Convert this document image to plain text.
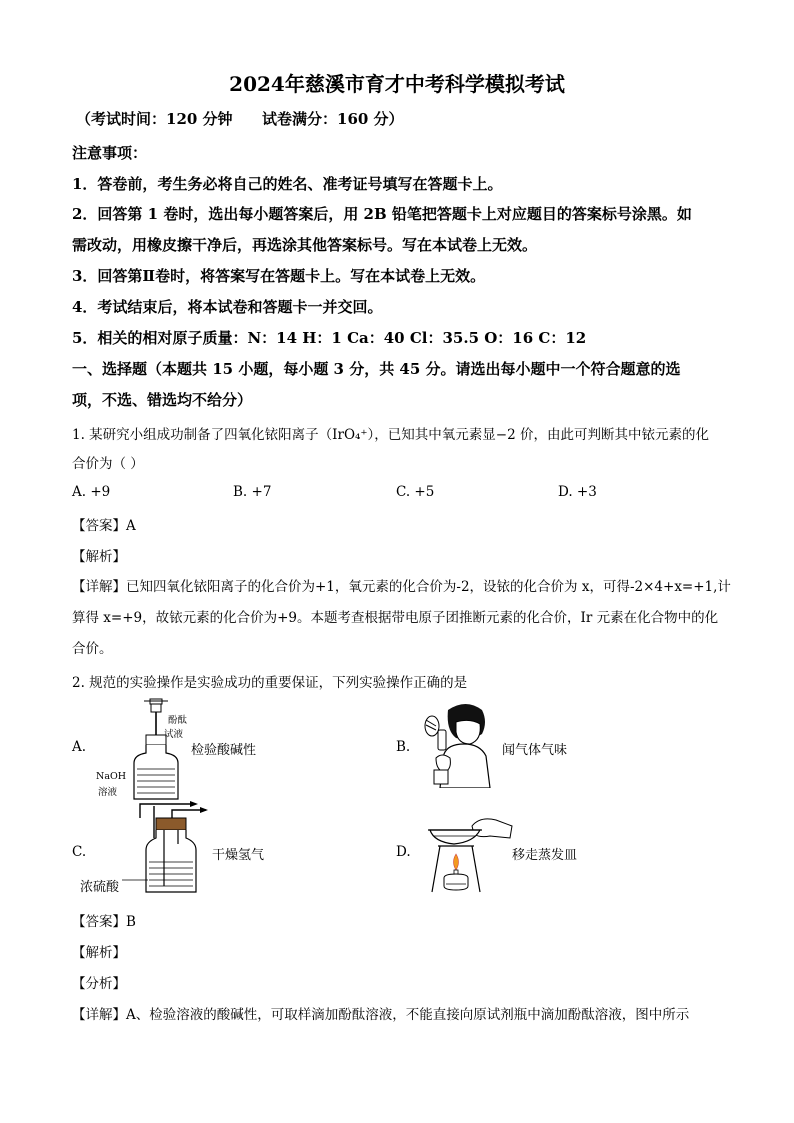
2024年慈溪市育才中考科学模拟考试
（考试时间：120 分钟 试卷满分：160 分）
注意事项：
1．答卷前，考生务必将自己的姓名、准考证号填写在答题卡上。
2．回答第 1 卷时，选出每小题答案后，用 2B 铅笔把答题卡上对应题目的答案标号涂黑。如
需改动，用橡皮擦干净后，再选涂其他答案标号。写在本试卷上无效。
3．回答第Ⅱ卷时，将答案写在答题卡上。写在本试卷上无效。
4．考试结束后，将本试卷和答题卡一并交回。
5．相关的相对原子质量：N：14 H：1 Ca：40 Cl：35.5 O：16 C：12
一、选择题（本题共 15 小题，每小题 3 分，共 45 分。请选出每小题中一个符合题意的选
项，不选、错选均不给分）
1. 某研究小组成功制备了四氧化铱阳离子（IrO₄⁺），已知其中氧元素显−2 价，由此可判断其中铱元素的化
合价为（ ）
A. +9	B. +7	C. +5	D. +3
【答案】A
【解析】
【详解】已知四氧化铱阳离子的化合价为+1，氧元素的化合价为-2，设铱的化合价为 x，可得-2×4+x=+1,计
算得 x=+9，故铱元素的化合价为+9。本题考查根据带电原子团推断元素的化合价，Ir 元素在化合物中的化
合价。
2. 规范的实验操作是实验成功的重要保证，下列实验操作正确的是
A.
酚酞
试液
NaOH
溶液
检验酸碱性	B.	闻气体气味
C.
浓硫酸
干燥氢气	D.	移走蒸发皿
【答案】B
【解析】
【分析】
【详解】A、检验溶液的酸碱性，可取样滴加酚酞溶液，不能直接向原试剂瓶中滴加酚酞溶液，图中所示
